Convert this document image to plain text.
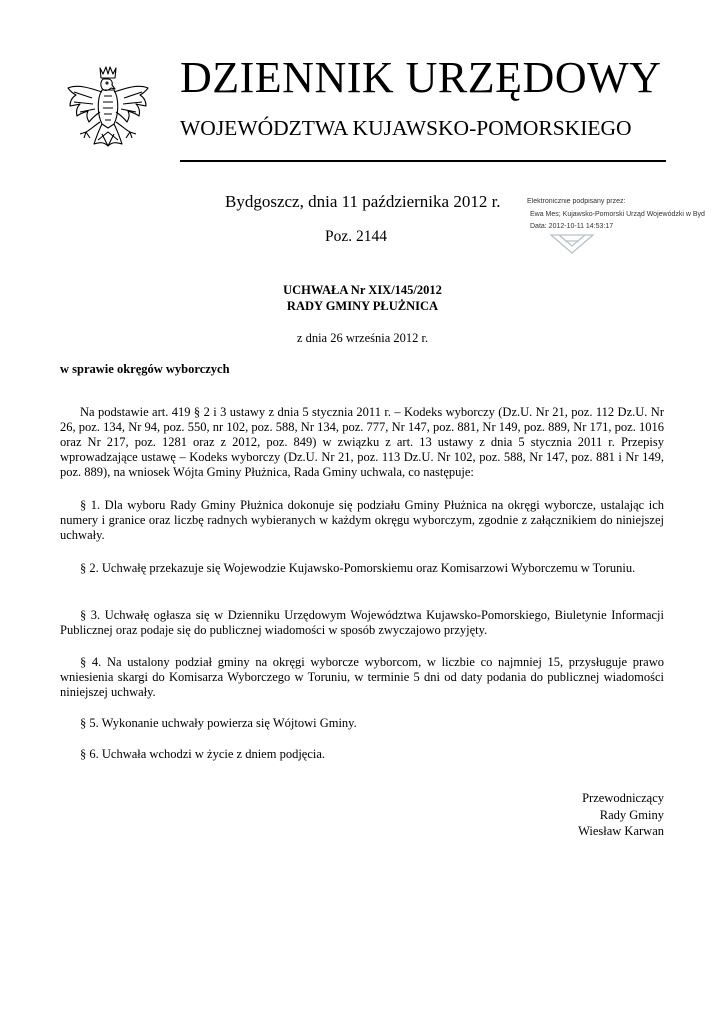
DZIENNIK URZĘDOWY
WOJEWÓDZTWA KUJAWSKO-POMORSKIEGO
Bydgoszcz, dnia 11 października 2012 r.
Poz. 2144
Elektronicznie podpisany przez:
Ewa Mes; Kujawsko-Pomorski Urząd Wojewódzki w Byd
Data: 2012-10-11 14:53:17
UCHWAŁA Nr XIX/145/2012
RADY GMINY PŁUŻNICA
z dnia 26 września 2012 r.
w sprawie okręgów wyborczych

Na podstawie art. 419 § 2 i 3 ustawy z dnia 5 stycznia 2011 r. – Kodeks wyborczy (Dz.U. Nr 21, poz. 112 Dz.U. Nr 26, poz. 134, Nr 94, poz. 550, nr 102, poz. 588, Nr 134, poz. 777, Nr 147, poz. 881, Nr 149, poz. 889, Nr 171, poz. 1016 oraz Nr 217, poz. 1281 oraz z 2012, poz. 849) w związku z art. 13 ustawy z dnia 5 stycznia 2011 r. Przepisy wprowadzające ustawę – Kodeks wyborczy (Dz.U. Nr 21, poz. 113 Dz.U. Nr 102, poz. 588, Nr 147, poz. 881 i Nr 149, poz. 889), na wniosek Wójta Gminy Płużnica, Rada Gminy uchwala, co następuje:

§ 1. Dla wyboru Rady Gminy Płużnica dokonuje się podziału Gminy Płużnica na okręgi wyborcze, ustalając ich numery i granice oraz liczbę radnych wybieranych w każdym okręgu wyborczym, zgodnie z załącznikiem do niniejszej uchwały.

§ 2. Uchwałę przekazuje się Wojewodzie Kujawsko-Pomorskiemu oraz Komisarzowi Wyborczemu w Toruniu.

§ 3. Uchwałę ogłasza się w Dzienniku Urzędowym Województwa Kujawsko-Pomorskiego, Biuletynie Informacji Publicznej oraz podaje się do publicznej wiadomości w sposób zwyczajowo przyjęty.

§ 4. Na ustalony podział gminy na okręgi wyborcze wyborcom, w liczbie co najmniej 15, przysługuje prawo wniesienia skargi do Komisarza Wyborczego w Toruniu, w terminie 5 dni od daty podania do publicznej wiadomości niniejszej uchwały.

§ 5. Wykonanie uchwały powierza się Wójtowi Gminy.

§ 6. Uchwała wchodzi w życie z dniem podjęcia.

Przewodniczący
Rady Gminy
Wiesław Karwan
